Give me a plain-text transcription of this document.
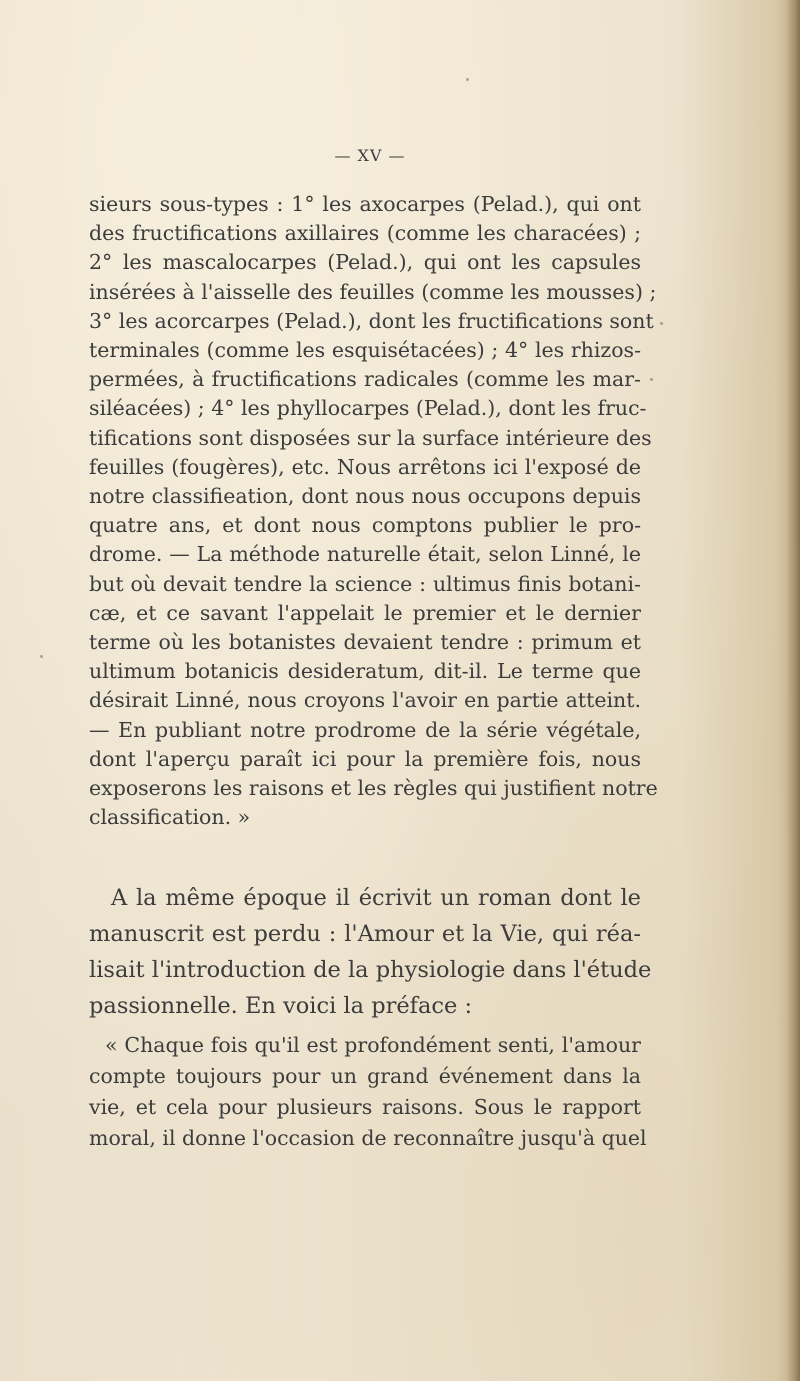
— XV —
sieurs sous-types : 1° les axocarpes (Pelad.), qui ont
des fructifications axillaires (comme les characées) ;
2° les mascalocarpes (Pelad.), qui ont les capsules
insérées à l'aisselle des feuilles (comme les mousses) ;
3° les acorcarpes (Pelad.), dont les fructifications sont
terminales (comme les esquisétacées) ; 4° les rhizos-
permées, à fructifications radicales (comme les mar-
siléacées) ; 4° les phyllocarpes (Pelad.), dont les fruc-
tifications sont disposées sur la surface intérieure des
feuilles (fougères), etc. Nous arrêtons ici l'exposé de
notre classifieation, dont nous nous occupons depuis
quatre ans, et dont nous comptons publier le pro-
drome. — La méthode naturelle était, selon Linné, le
but où devait tendre la science : ultimus finis botani-
cæ, et ce savant l'appelait le premier et le dernier
terme où les botanistes devaient tendre : primum et
ultimum botanicis desideratum, dit-il. Le terme que
désirait Linné, nous croyons l'avoir en partie atteint.
— En publiant notre prodrome de la série végétale,
dont l'aperçu paraît ici pour la première fois, nous
exposerons les raisons et les règles qui justifient notre
classification. »
A la même époque il écrivit un roman dont le
manuscrit est perdu : l'Amour et la Vie, qui réa-
lisait l'introduction de la physiologie dans l'étude
passionnelle. En voici la préface :
« Chaque fois qu'il est profondément senti, l'amour
compte toujours pour un grand événement dans la
vie, et cela pour plusieurs raisons. Sous le rapport
moral, il donne l'occasion de reconnaître jusqu'à quel
